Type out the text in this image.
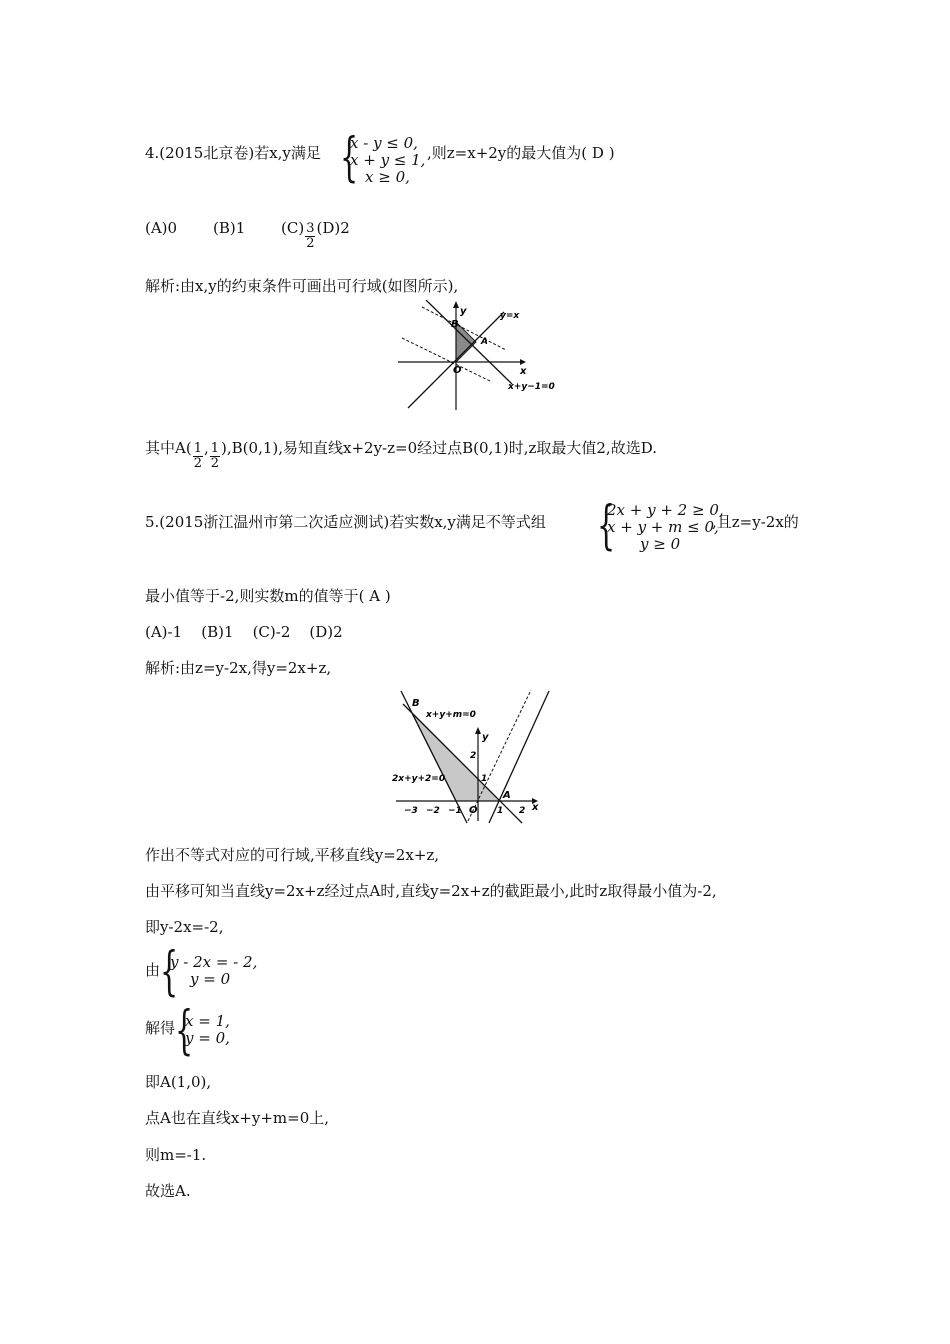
4.(2015北京卷)若x,y满足 {
x - y ≤ 0,
x + y ≤ 1,
x ≥ 0,
,则z=x+2y的最大值为( D )
(A)0 (B)1 $(C) \frac{3}{2} (D)2$
解析:由x,y的约束条件可画出可行域(如图所示),
y
x
B
A
O
y=x
x+y−1=0
其中$A( \frac{1}{2}$ , $\frac{1}{2} ),B(0,1)$,易知直线x+2y-z=0经过点B(0,1)时,z取最大值2,故选D.
5.(2015浙江温州市第二次适应测试)若实数x,y满足不等式组 {
2x + y + 2 ≥ 0,
x + y + m ≤ 0,
y ≥ 0
,且z=y-2x的
最小值等于-2,则实数m的值等于( A )
(A)-1    (B)1    (C)-2    (D)2
解析:由z=y-2x,得y=2x+z,
B
x+y+m=0
2x+y+2=0
y
x
A
O
−3 −2 −1	1 2
1
2
作出不等式对应的可行域,平移直线y=2x+z,
由平移可知当直线y=2x+z经过点A时,直线y=2x+z的截距最小,此时z取得最小值为-2,
即y-2x=-2,
由 {
y - 2x = - 2,
y = 0
解得 {
x = 1,
y = 0,
即A(1,0),
点A也在直线x+y+m=0上,
则m=-1.
故选A.
